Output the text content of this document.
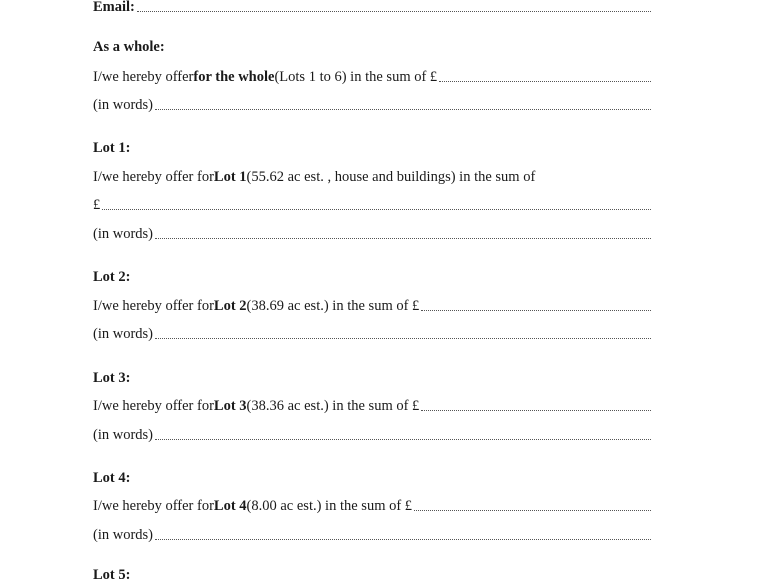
Email:
As a whole:
I/we hereby offer for the whole (Lots 1 to 6) in the sum of £
(in words)
Lot 1:
I/we hereby offer for Lot 1 (55.62 ac est. , house and buildings) in the sum of
£
(in words)
Lot 2:
I/we hereby offer for Lot 2 (38.69 ac est.) in the sum of £
(in words)
Lot 3:
I/we hereby offer for Lot 3 (38.36 ac est.) in the sum of £
(in words)
Lot 4:
I/we hereby offer for Lot 4 (8.00 ac est.) in the sum of £
(in words)
Lot 5:
